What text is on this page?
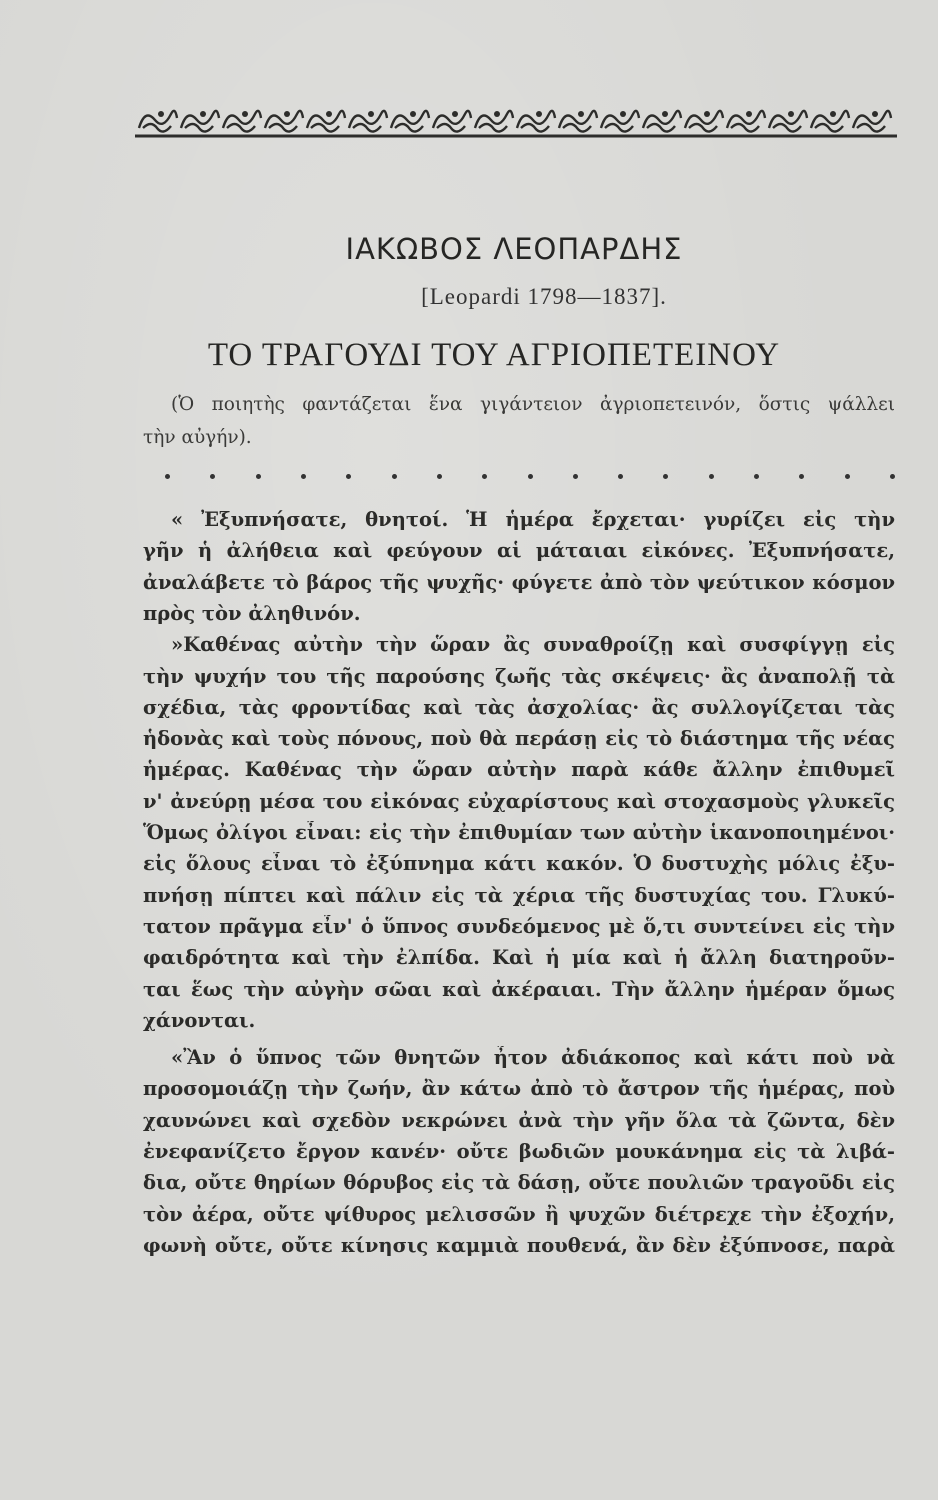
ΙΑΚΩΒΟΣ ΛΕΟΠΑΡΔΗΣ
[Leopardi 1798—1837].
ΤΟ ΤΡΑΓΟΥΔΙ ΤΟΥ ΑΓΡΙΟΠΕΤΕΙΝΟΥ
(Ὁ ποιητὴς φαντάζεται ἕνα γιγάντειον ἀγριοπετεινόν, ὅστις ψάλλει
τὴν αὐγήν).
« Ἐξυπνήσατε, θνητοί. Ἡ ἡμέρα ἔρχεται· γυρίζει εἰς τὴν
γῆν ἡ ἀλήθεια καὶ φεύγουν αἱ μάταιαι εἰκόνες. Ἐξυπνήσατε,
ἀναλάβετε τὸ βάρος τῆς ψυχῆς· φύγετε ἀπὸ τὸν ψεύτικον κόσμον
πρὸς τὸν ἀληθινόν.
»Καθένας αὐτὴν τὴν ὥραν ἂς συναθροίζῃ καὶ συσφίγγῃ εἰς
τὴν ψυχήν του τῆς παρούσης ζωῆς τὰς σκέψεις· ἂς ἀναπολῇ τὰ
σχέδια, τὰς φροντίδας καὶ τὰς ἀσχολίας· ἂς συλλογίζεται τὰς
ἡδονὰς καὶ τοὺς πόνους, ποὺ θὰ περάσῃ εἰς τὸ διάστημα τῆς νέας
ἡμέρας. Καθένας τὴν ὥραν αὐτὴν παρὰ κάθε ἄλλην ἐπιθυμεῖ
ν' ἀνεύρῃ μέσα του εἰκόνας εὐχαρίστους καὶ στοχασμοὺς γλυκεῖς
Ὅμως ὀλίγοι εἶναι: εἰς τὴν ἐπιθυμίαν των αὐτὴν ἱκανοποιημένοι·
εἰς ὅλους εἶναι τὸ ἐξύπνημα κάτι κακόν. Ὁ δυστυχὴς μόλις ἐξυ-
πνήσῃ πίπτει καὶ πάλιν εἰς τὰ χέρια τῆς δυστυχίας του. Γλυκύ-
τατον πρᾶγμα εἶν' ὁ ὕπνος συνδεόμενος μὲ ὅ,τι συντείνει εἰς τὴν
φαιδρότητα καὶ τὴν ἐλπίδα. Καὶ ἡ μία καὶ ἡ ἄλλη διατηροῦν-
ται ἕως τὴν αὐγὴν σῶαι καὶ ἀκέραιαι. Τὴν ἄλλην ἡμέραν ὅμως
χάνονται.
«Ἂν ὁ ὕπνος τῶν θνητῶν ἦτον ἀδιάκοπος καὶ κάτι ποὺ νὰ
προσομοιάζῃ τὴν ζωήν, ἂν κάτω ἀπὸ τὸ ἄστρον τῆς ἡμέρας, ποὺ
χαυνώνει καὶ σχεδὸν νεκρώνει ἀνὰ τὴν γῆν ὅλα τὰ ζῶντα, δὲν
ἐνεφανίζετο ἔργον κανέν· οὔτε βωδιῶν μουκάνημα εἰς τὰ λιβά-
δια, οὔτε θηρίων θόρυβος εἰς τὰ δάσῃ, οὔτε πουλιῶν τραγοῦδι εἰς
τὸν ἀέρα, οὔτε ψίθυρος μελισσῶν ἢ ψυχῶν διέτρεχε τὴν ἐξοχήν,
φωνὴ οὔτε, οὔτε κίνησις καμμιὰ πουθενά, ἂν δὲν ἐξύπνοσε, παρὰ
